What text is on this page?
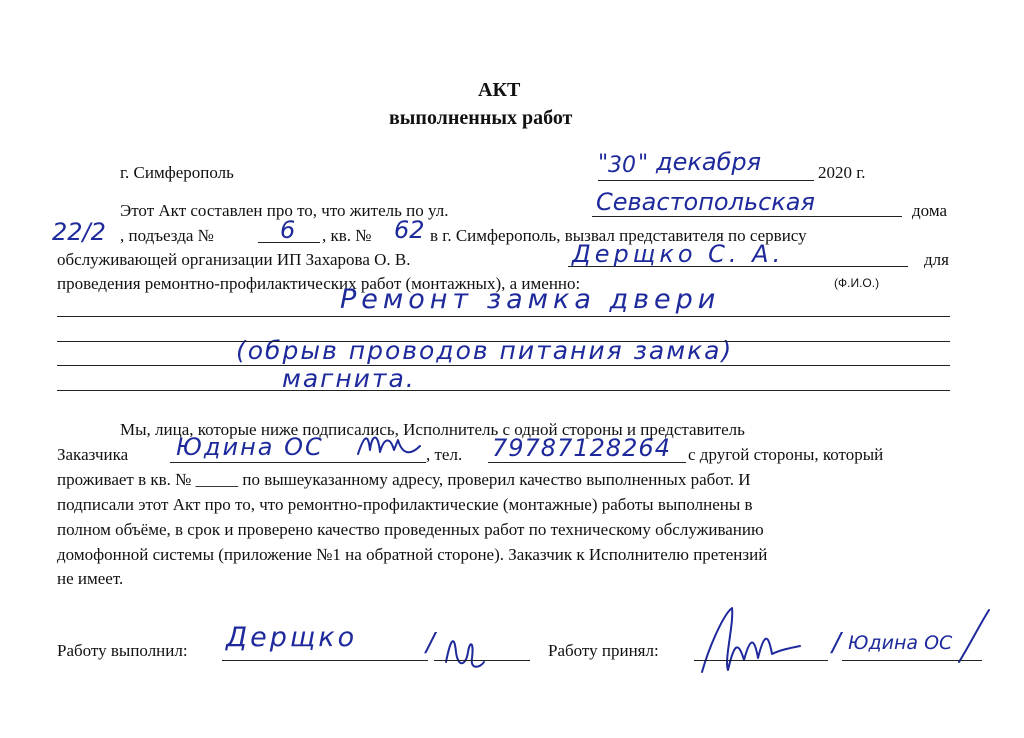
АКТ
выполненных работ
г. Симферополь	" 30 " декабря	2020 г.
Этот Акт составлен про то, что житель по ул.	Севастопольская	дома
22/2 , подъезда №	6 , кв. № 62 в г. Симферополь, вызвал представителя по сервису
обслуживающей организации ИП Захарова О. В.	Дерщко С. А.	для
проведения ремонтно-профилактических работ (монтажных), а именно:	(Ф.И.О.)
Ремонт замка двери
(обрыв проводов питания замка)
магнита.
Мы, лица, которые ниже подписались, Исполнитель с одной стороны и представитель
Заказчика Юдина ОС	, тел. 79787128264 с другой стороны, который
проживает в кв. № _____ по вышеуказанному адресу, проверил качество выполненных работ. И
подписали этот Акт про то, что ремонтно-профилактические (монтажные) работы выполнены в
полном объёме, в срок и проверено качество проведенных работ по техническому обслуживанию
домофонной системы (приложение №1 на обратной стороне). Заказчик к Исполнителю претензий
не имеет.
Работу выполнил: Дерщко	/	Работу принял:	/ Юдина ОС
